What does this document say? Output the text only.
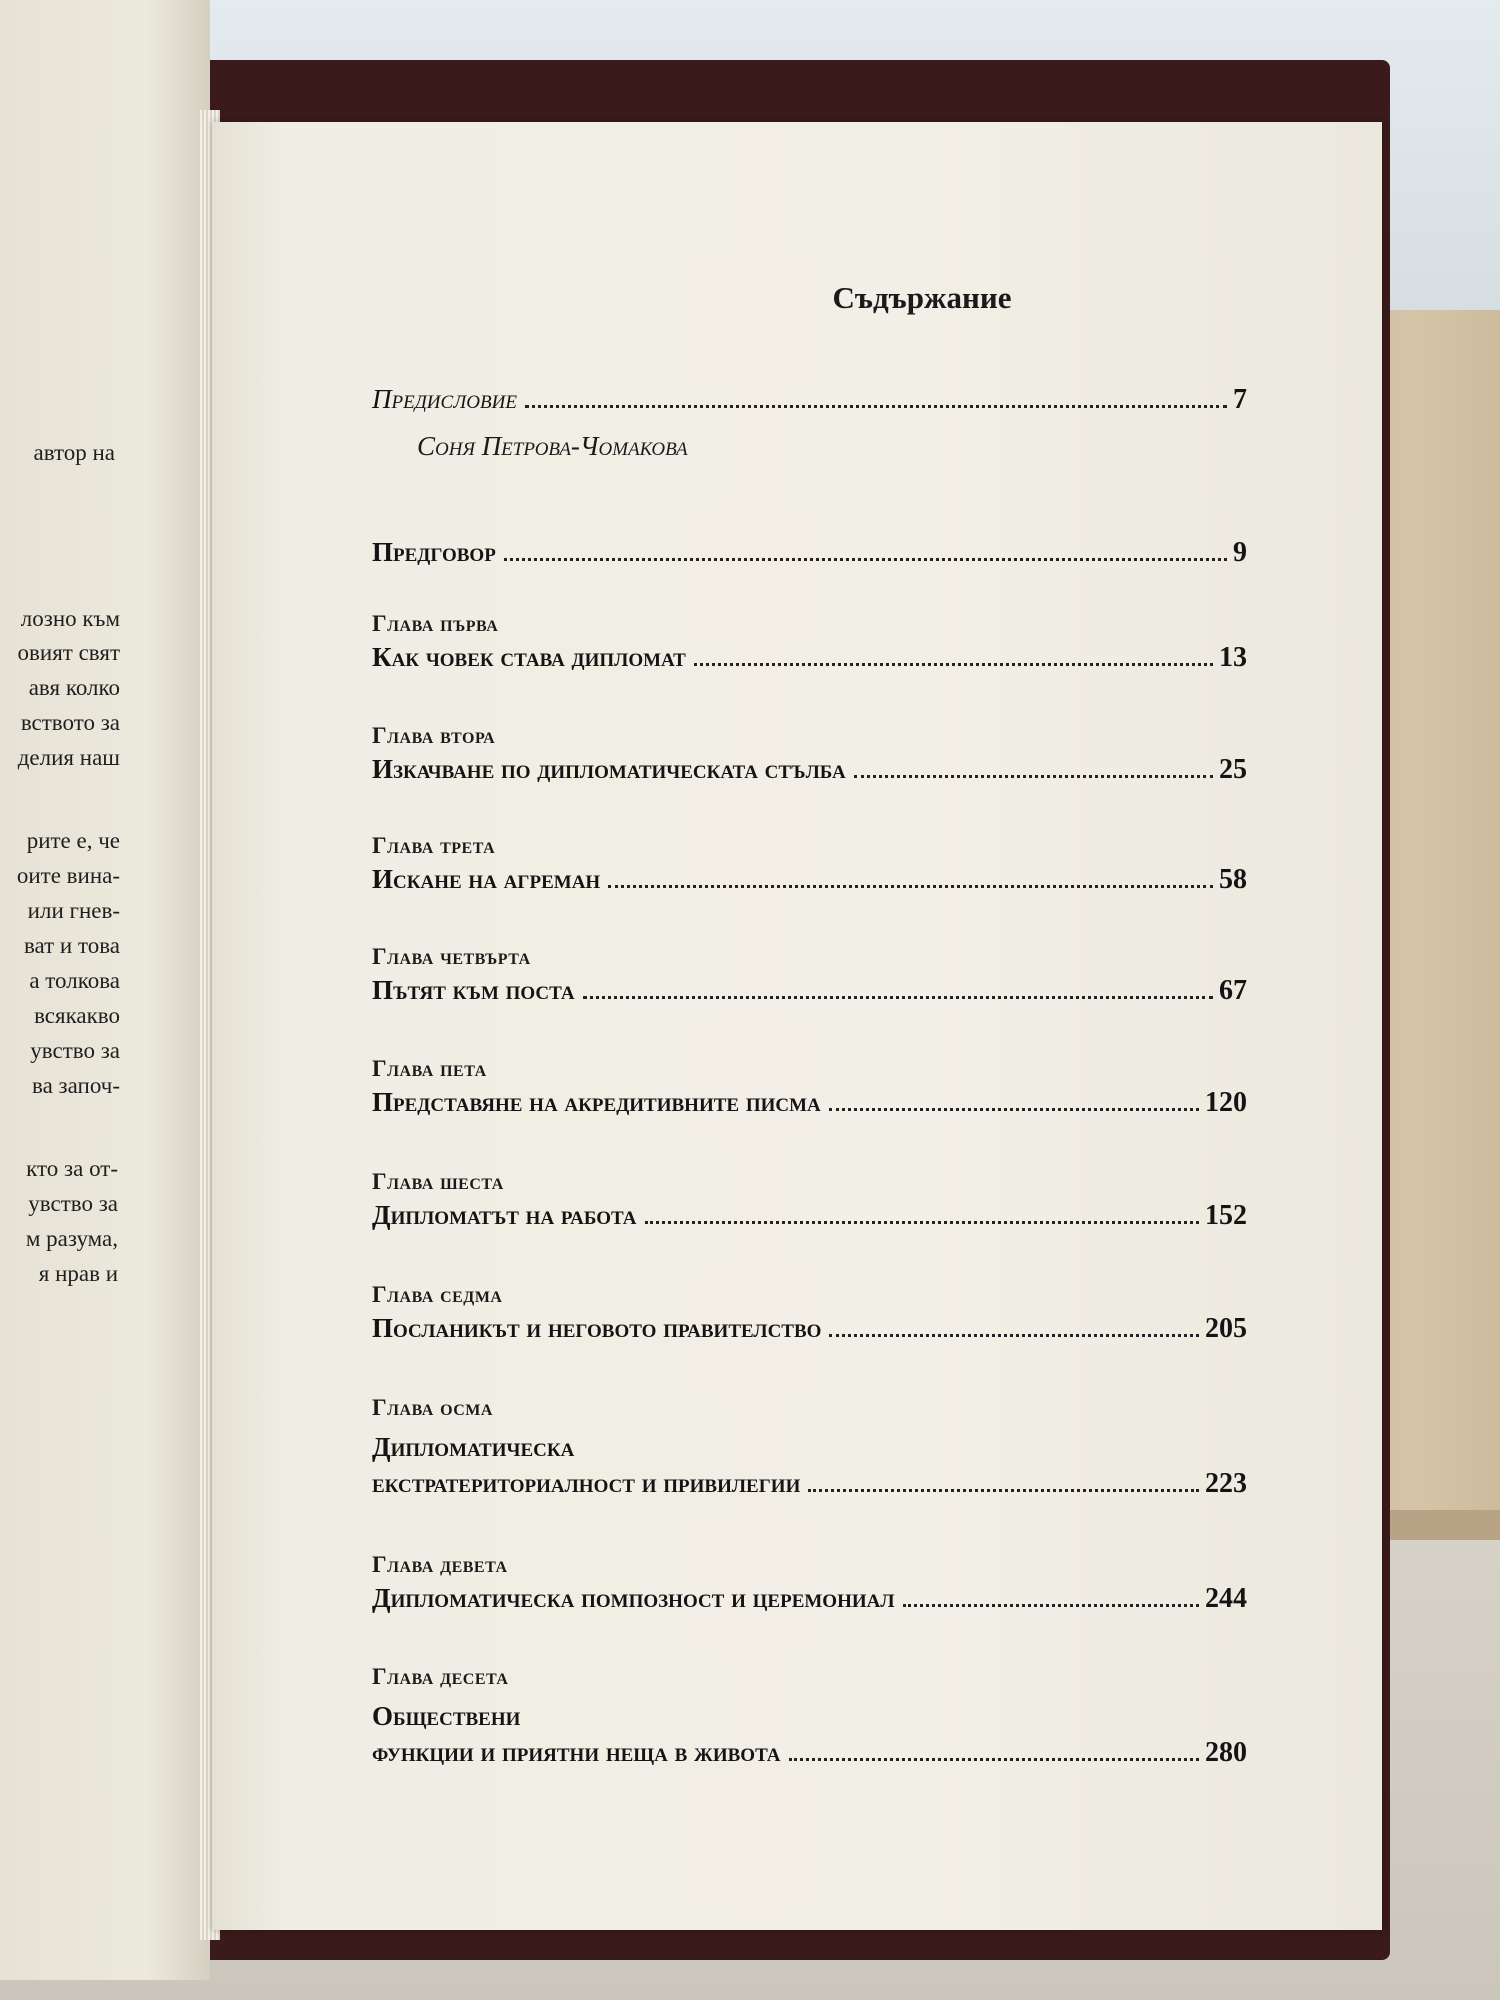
автор на
лозно към
овият свят
авя колко
вството за
делия наш
рите е, че
оите вина-
или гнев-
ват и това
а толкова
всякакво
увство за
ва започ-
кто за от-
увство за
м разума,
я нрав и
Съдържание
Предисловие	7
Соня Петрова-Чомакова
Предговор	9
Глава първа
Как човек става дипломат	13
Глава втора
Изкачване по дипломатическата стълба	25
Глава трета
Искане на агреман	58
Глава четвърта
Пътят към поста	67
Глава пета
Представяне на акредитивните писма	120
Глава шеста
Дипломатът на работа	152
Глава седма
Посланикът и неговото правителство	205
Глава осма
Дипломатическа
екстратериториалност и привилегии	223
Глава девета
Дипломатическа помпозност и церемониал	244
Глава десета
Обществени
функции и приятни неща в живота	280
